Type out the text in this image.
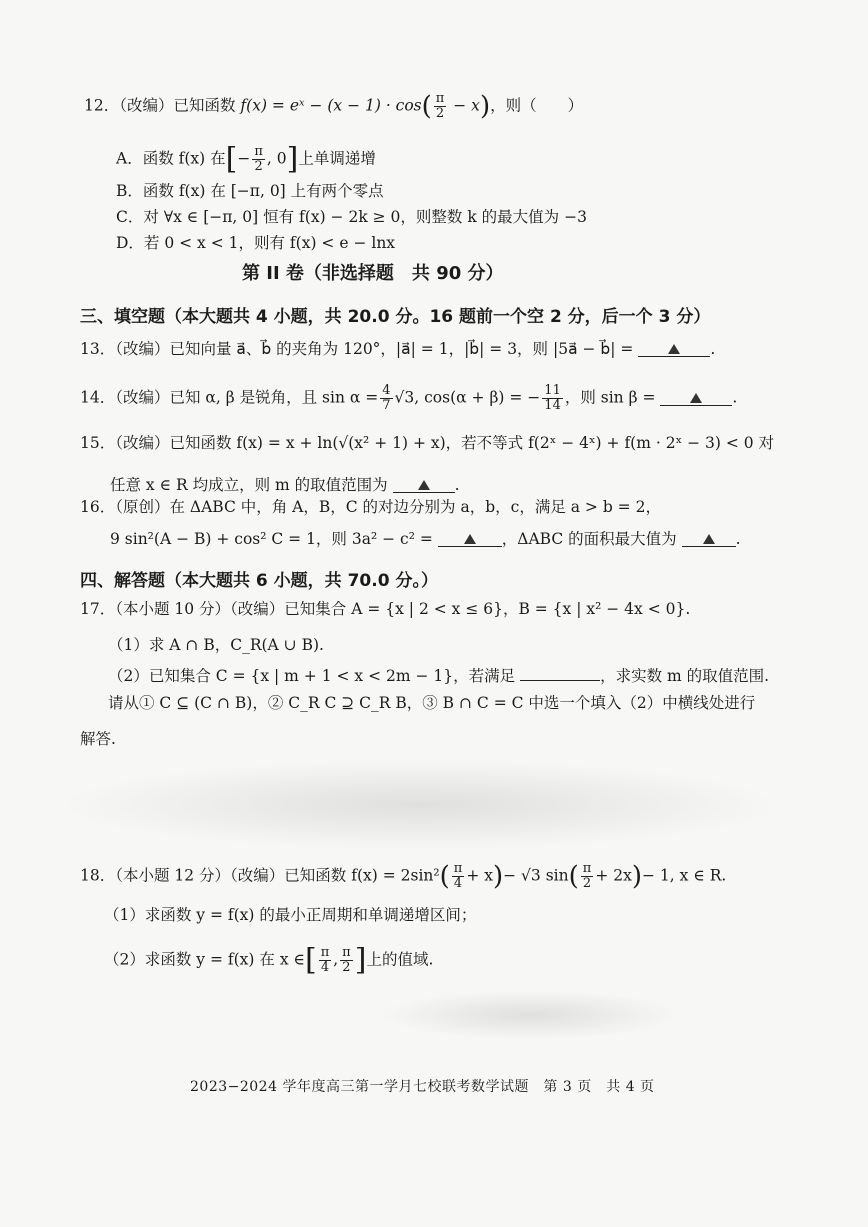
12．（改编）已知函数 f(x) = eˣ − $(x - 1) \cdot \cos( \frac{\pi}{2} - x)$，则（　　）
A．函数 f(x) 在[− $\frac{\pi}{2}$ , 0]上单调递增
B．函数 f(x) 在 [−π, 0] 上有两个零点
C．对 ∀x ∈ [−π, 0] 恒有 f(x) − 2k ≥ 0，则整数 k 的最大值为 −3
D．若 0 < x < 1，则有 f(x) < e − lnx
第 II 卷（非选择题　共 90 分）
三、填空题（本大题共 4 小题，共 20.0 分。16 题前一个空 2 分，后一个 3 分）
13．（改编）已知向量 a⃗、b⃗ 的夹角为 120°，|a⃗| = 1，|b⃗| = 3，则 |5a⃗ − b⃗| =	.
14．（改编）已知 α, β 是锐角，且 $\sin \alpha = \frac{4}{7} √3$, cos(α + β) = − $\frac{11}{14}$ ，则 sin β =	.
15．（改编）已知函数 f(x) = x + ln(√(x² + 1) + x)，若不等式 f(2ˣ − 4ˣ) + f(m · 2ˣ − 3) < 0 对
任意 x ∈ R 均成立，则 m 的取值范围为	.
16．（原创）在 ΔABC 中，角 A，B，C 的对边分别为 a，b，c，满足 a > b = 2，
9 sin²(A − B) + cos² C = 1，则 3a² − c² =	，ΔABC 的面积最大值为	.
四、解答题（本大题共 6 小题，共 70.0 分。）
17．（本小题 10 分）（改编）已知集合 A = {x | 2 < x ≤ 6}，B = {x | x² − 4x < 0}.
（1）求 A ∩ B，C_R(A ∪ B).
（2）已知集合 C = {x | m + 1 < x < 2m − 1}，若满足	，求实数 m 的取值范围.
请从① C ⊆ (C ∩ B)，② C_R C ⊇ C_R B，③ B ∩ C = C 中选一个填入（2）中横线处进行
解答.
18．（本小题 12 分）（改编）已知函数 $f(x) = 2\sin^2( \frac{\pi}{4} + x)- √3$ $\sin( \frac{\pi}{2} + 2x)- 1$, x ∈ R.
（1）求函数 y = f(x) 的最小正周期和单调递增区间；
（2）求函数 y = f(x) 在 x ∈[ $\frac{\pi}{4}$ , $\frac{\pi}{2}$ ]上的值域.
2023−2024 学年度高三第一学月七校联考数学试题　第 3 页　共 4 页
